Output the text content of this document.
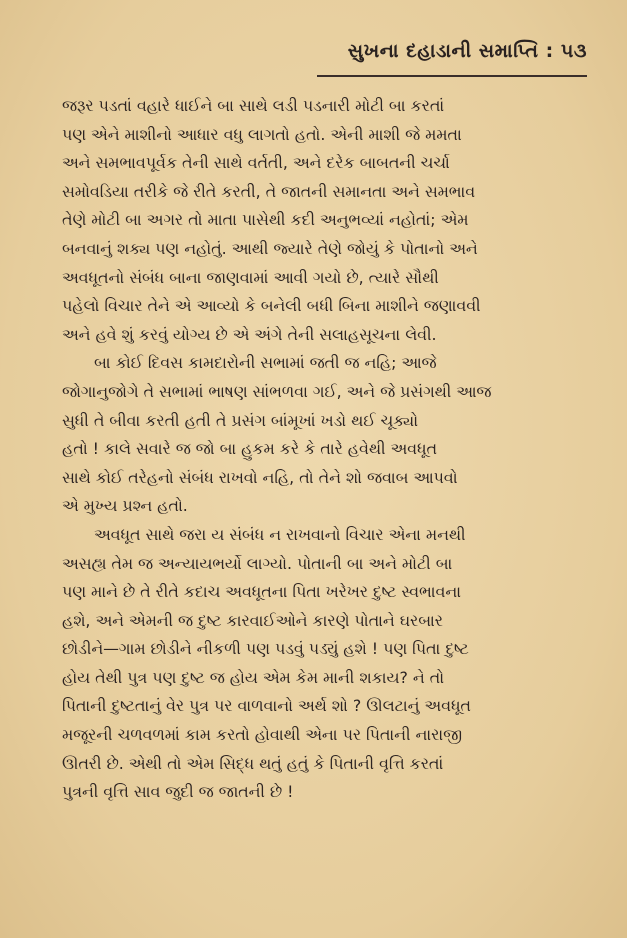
સુખના દહાડાની સમાપ્તિ : ૫૩
જરૂર પડતાં વહારે ધાઈને બા સાથે લડી પડનારી મોટી બા કરતાં
પણ એને માશીનો આધાર વધુ લાગતો હતો. એની માશી જે મમતા
અને સમભાવપૂર્વક તેની સાથે વર્તતી, અને દરેક બાબતની ચર્ચા
સમોવડિયા તરીકે જે રીતે કરતી, તે જાતની સમાનતા અને સમભાવ
તેણે મોટી બા અગર તો માતા પાસેથી કદી અનુભવ્યાં નહોતાં; એમ
બનવાનું શક્ય પણ નહોતું. આથી જ્યારે તેણે જોયું કે પોતાનો અને
અવધૂતનો સંબંધ બાના જાણવામાં આવી ગયો છે, ત્યારે સૌથી
પહેલો વિચાર તેને એ આવ્યો કે બનેલી બધી બિના માશીને જણાવવી
અને હવે શું કરવું યોગ્ય છે એ અંગે તેની સલાહસૂચના લેવી.
બા કોઈ દિવસ કામદારોની સભામાં જતી જ નહિ; આજે
જોગાનુજોગે તે સભામાં ભાષણ સાંભળવા ગઈ, અને જે પ્રસંગથી આજ
સુધી તે બીવા કરતી હતી તે પ્રસંગ બાંમૂખાં ખડો થઈ ચૂક્યો
હતો ! કાલે સવારે જ જો બા હુકમ કરે કે તારે હવેથી અવધૂત
સાથે કોઈ તરેહનો સંબંધ રાખવો નહિ, તો તેને શો જવાબ આપવો
એ મુખ્ય પ્રશ્ન હતો.
અવધૂત સાથે જરા ય સંબંધ ન રાખવાનો વિચાર એના મનથી
અસહ્ય તેમ જ અન્યાયભર્યો લાગ્યો. પોતાની બા અને મોટી બા
પણ માને છે તે રીતે કદાચ અવધૂતના પિતા ખરેખર દુષ્ટ સ્વભાવના
હશે, અને એમની જ દુષ્ટ કારવાઈઓને કારણે પોતાને ઘરબાર
છોડીને—ગામ છોડીને નીકળી પણ પડવું પડ્યું હશે ! પણ પિતા દુષ્ટ
હોય તેથી પુત્ર પણ દુષ્ટ જ હોય એમ કેમ માની શકાય? ને તો
પિતાની દુષ્ટતાનું વેર પુત્ર પર વાળવાનો અર્થ શો ? ઊલટાનું અવધૂત
મજૂરની ચળવળમાં કામ કરતો હોવાથી એના પર પિતાની નારાજી
ઊતરી છે. એથી તો એમ સિદ્ધ થતું હતું કે પિતાની વૃત્તિ કરતાં
પુત્રની વૃત્તિ સાવ જુદી જ જાતની છે !
